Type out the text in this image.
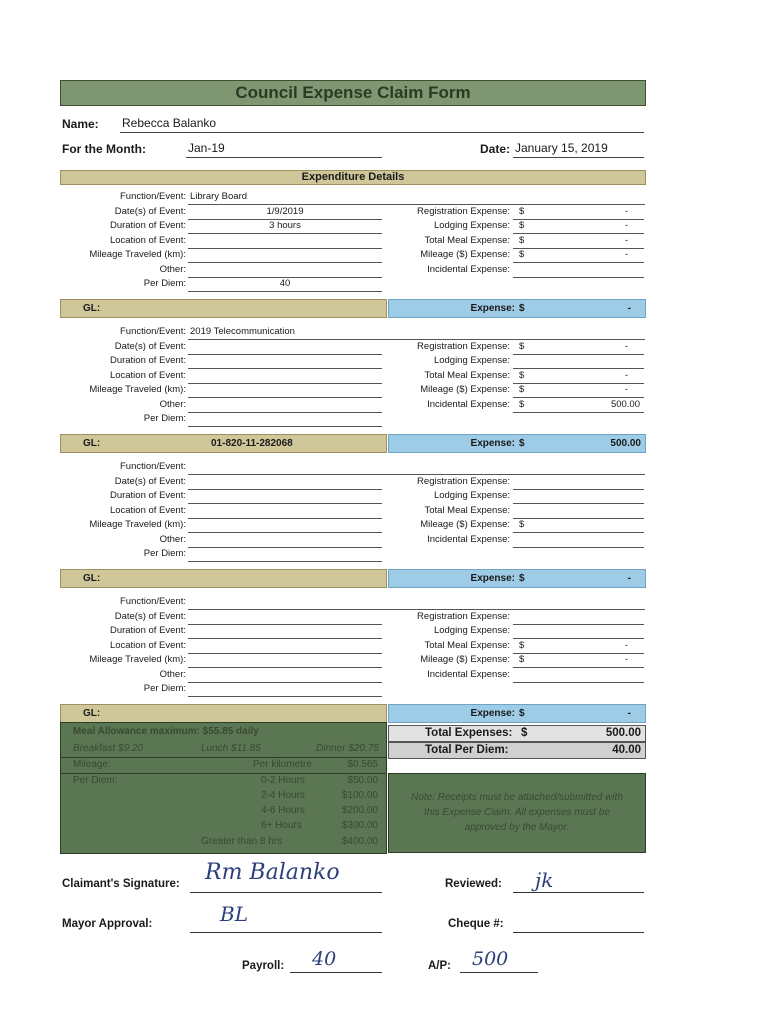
Council Expense Claim Form
Name: Rebecca Balanko
For the Month:	Jan-19	Date: January 15, 2019
Expenditure Details
Function/Event: Library Board
Date(s) of Event:	1/9/2019
Duration of Event:	3 hours
Location of Event:
Mileage Traveled (km):
Other:
Per Diem:	40
Registration Expense: $	-
Lodging Expense: $	-
Total Meal Expense: $	-
Mileage ($) Expense: $	-
Incidental Expense:
GL:	Expense: $	-
Function/Event: 2019 Telecommunication
Date(s) of Event:
Duration of Event:
Location of Event:
Mileage Traveled (km):
Other:
Per Diem:
Registration Expense: $	-
Lodging Expense:
Total Meal Expense: $	-
Mileage ($) Expense: $	-
Incidental Expense: $	500.00
GL:	01-820-11-282068	Expense: $	500.00
Function/Event:
Date(s) of Event:
Duration of Event:
Location of Event:
Mileage Traveled (km):
Other:
Per Diem:
Registration Expense:
Lodging Expense:
Total Meal Expense:
Mileage ($) Expense: $
Incidental Expense:
GL:	Expense: $	-
Function/Event:
Date(s) of Event:
Duration of Event:
Location of Event:
Mileage Traveled (km):
Other:
Per Diem:
Registration Expense:
Lodging Expense:
Total Meal Expense: $	-
Mileage ($) Expense: $	-
Incidental Expense:
GL:	Expense: $	-
Meal Allowance maximum: $55.85 daily
Breakfast $9.20	Lunch $11.85	Dinner $20.75
Mileage:	Per kilometre	$0.565
Per Diem:	0-2 Hours	$50.00
2-4 Hours	$100.00
4-6 Hours	$200.00
6+ Hours	$300.00
Greater than 8 hrs	$400.00
Total Expenses: $	500.00
Total Per Diem:	40.00
Note: Receipts must be attached/submitted with this Expense Claim. All expenses must be approved by the Mayor.
Claimant's Signature: Rm Balanko	Reviewed: jk
Mayor Approval:	BL	Cheque #:
Payroll: 40	A/P: 500
